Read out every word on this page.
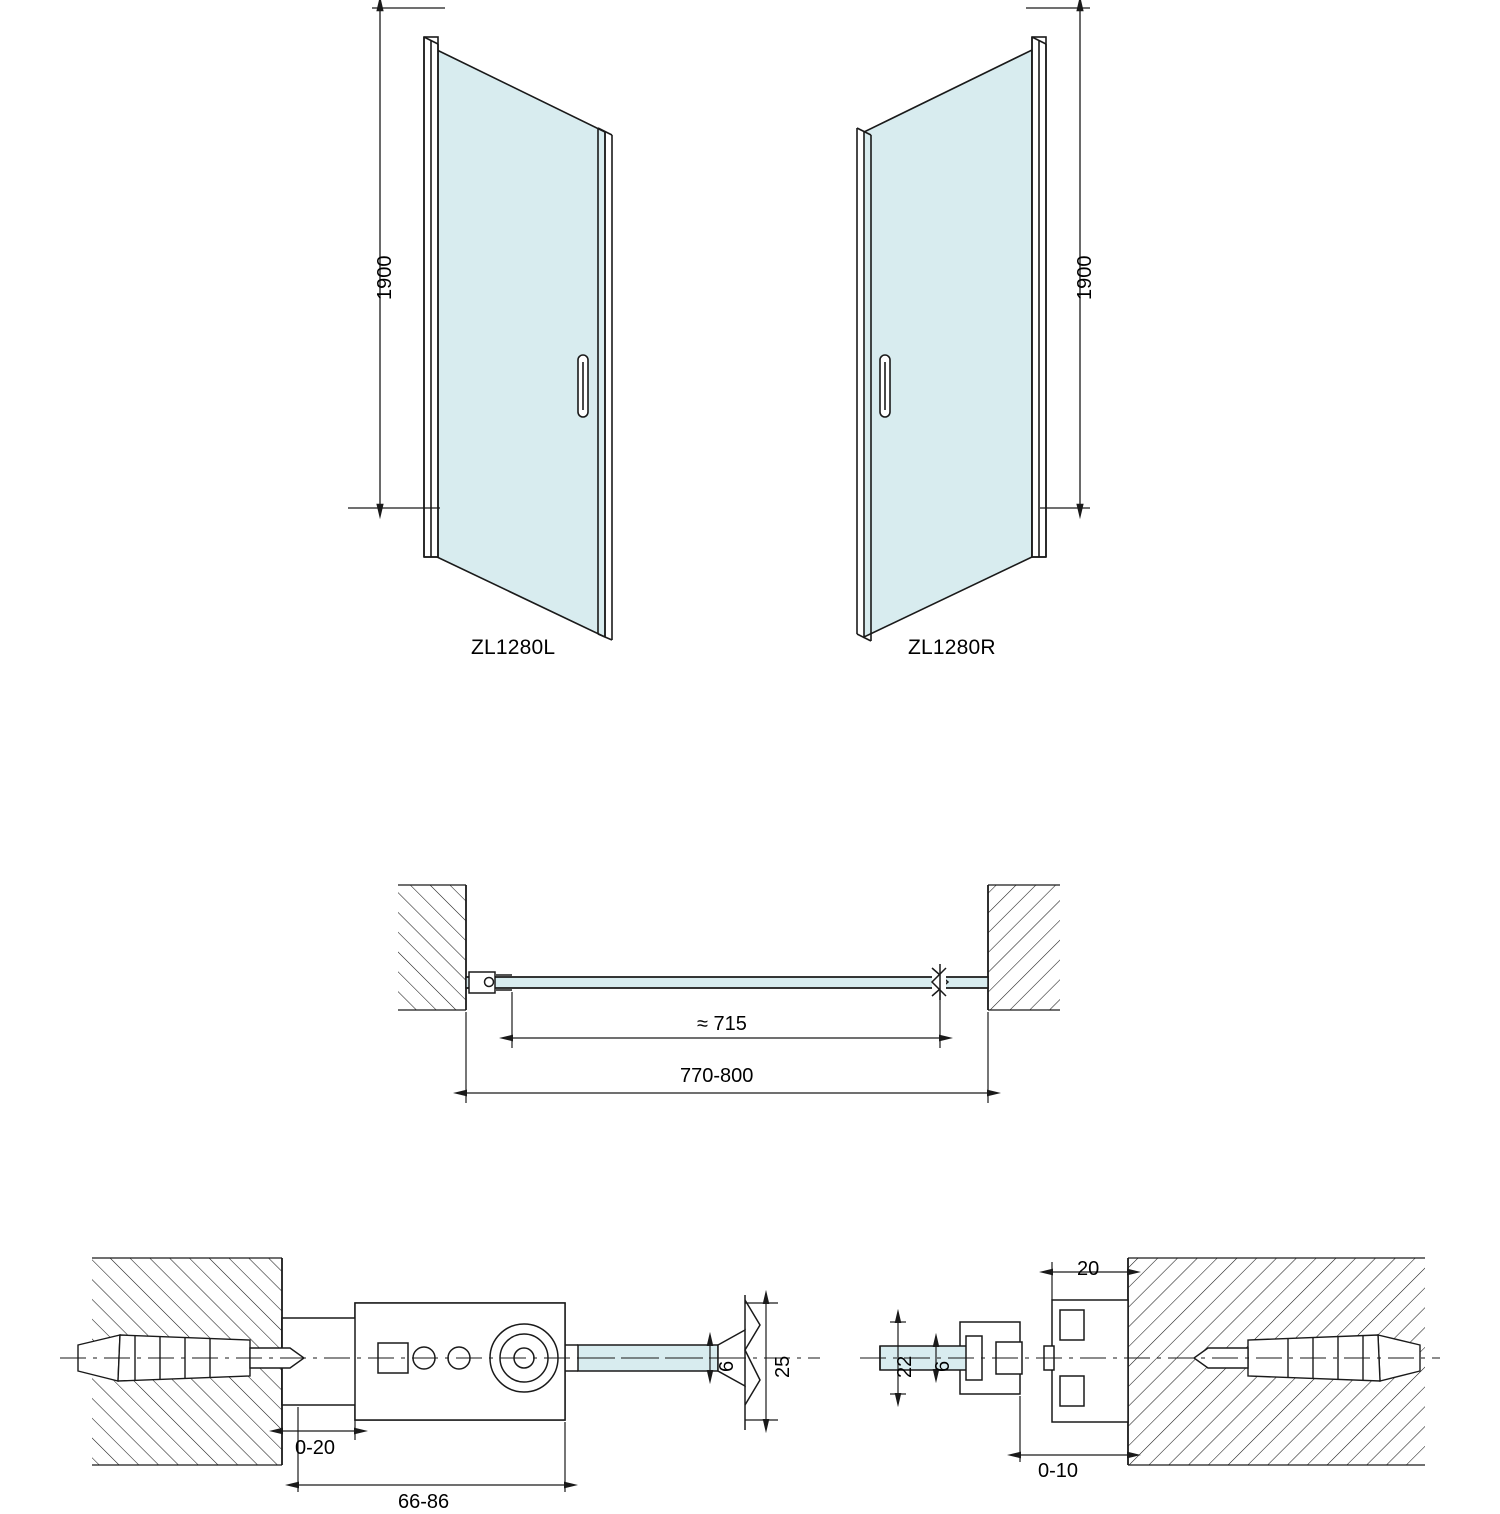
ZL1280L	ZL1280R
1900	1900
≈ 715
770-800
0-20
66-86
6 25
20
22 6
0-10
